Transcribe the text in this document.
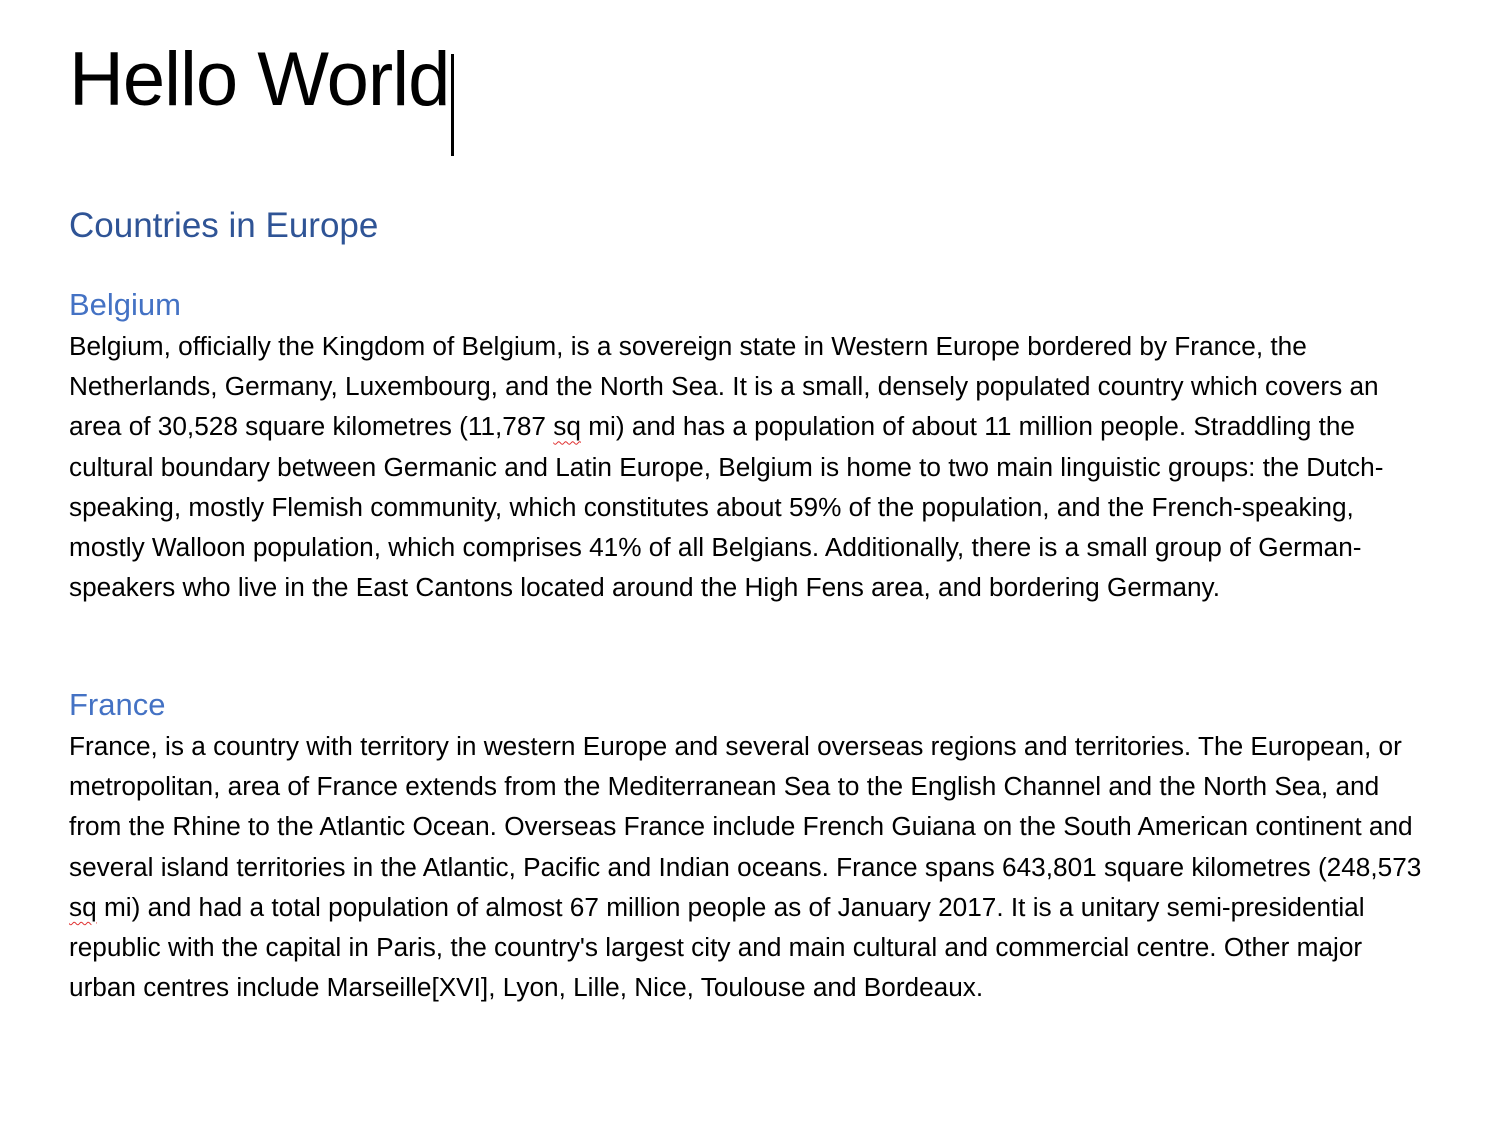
Hello World
Countries in Europe
Belgium

Belgium, officially the Kingdom of Belgium, is a sovereign state in Western Europe bordered by France, the Netherlands, Germany, Luxembourg, and the North Sea. It is a small, densely populated country which covers an area of 30,528 square kilometres (11,787 sq mi) and has a population of about 11 million people. Straddling the cultural boundary between Germanic and Latin Europe, Belgium is home to two main linguistic groups: the Dutch-speaking, mostly Flemish community, which constitutes about 59% of the population, and the French-speaking, mostly Walloon population, which comprises 41% of all Belgians. Additionally, there is a small group of German-speakers who live in the East Cantons located around the High Fens area, and bordering Germany.

France

France, is a country with territory in western Europe and several overseas regions and territories. The European, or metropolitan, area of France extends from the Mediterranean Sea to the English Channel and the North Sea, and from the Rhine to the Atlantic Ocean. Overseas France include French Guiana on the South American continent and several island territories in the Atlantic, Pacific and Indian oceans. France spans 643,801 square kilometres (248,573 sq mi) and had a total population of almost 67 million people as of January 2017. It is a unitary semi-presidential republic with the capital in Paris, the country's largest city and main cultural and commercial centre. Other major urban centres include Marseille[XVI], Lyon, Lille, Nice, Toulouse and Bordeaux.
